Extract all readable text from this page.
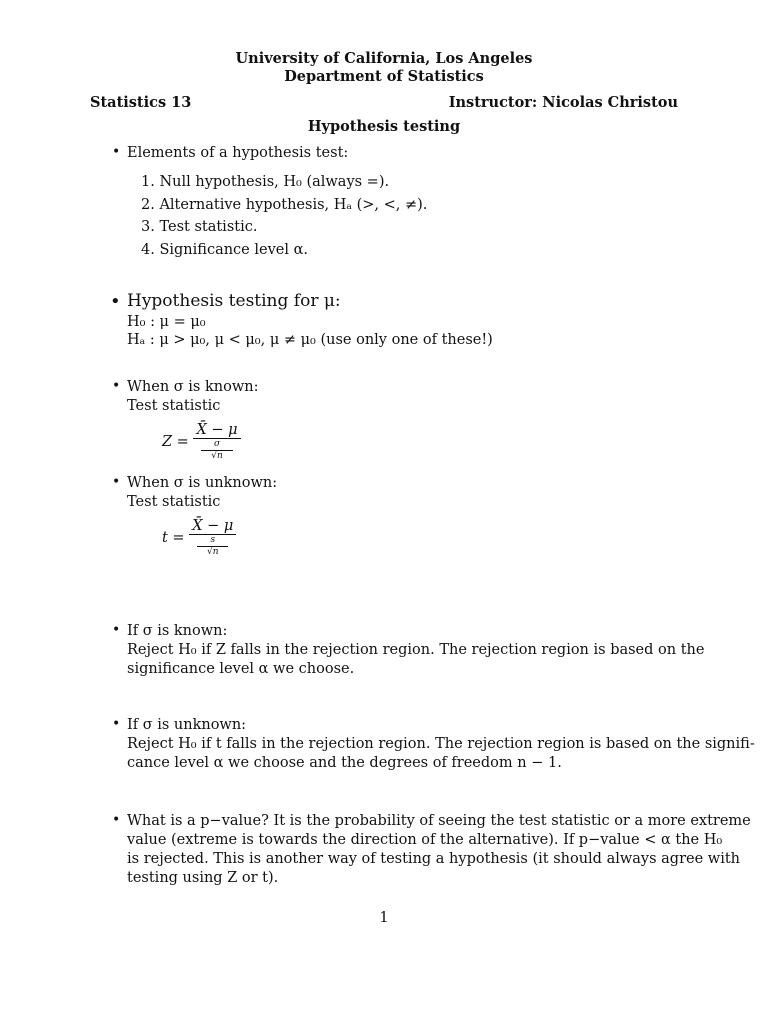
University of California, Los Angeles
Department of Statistics
Statistics 13	Instructor: Nicolas Christou
Hypothesis testing
• Elements of a hypothesis test:
1. Null hypothesis, H₀ (always =).
2. Alternative hypothesis, Hₐ (>, <, ≠).
3. Test statistic.
4. Significance level α.
• Hypothesis testing for μ:
H₀ : μ = μ₀
Hₐ : μ > μ₀, μ < μ₀, μ ≠ μ₀ (use only one of these!)
• When σ is known:
Test statistic
Z =
X̄ − μ
σ
√n
• When σ is unknown:
Test statistic
t =
X̄ − μ
s
√n
• If σ is known:
Reject H₀ if Z falls in the rejection region. The rejection region is based on the
significance level α we choose.
• If σ is unknown:
Reject H₀ if t falls in the rejection region. The rejection region is based on the signifi-
cance level α we choose and the degrees of freedom n − 1.
• What is a p−value? It is the probability of seeing the test statistic or a more extreme
value (extreme is towards the direction of the alternative). If p−value < α the H₀
is rejected. This is another way of testing a hypothesis (it should always agree with
testing using Z or t).
1
